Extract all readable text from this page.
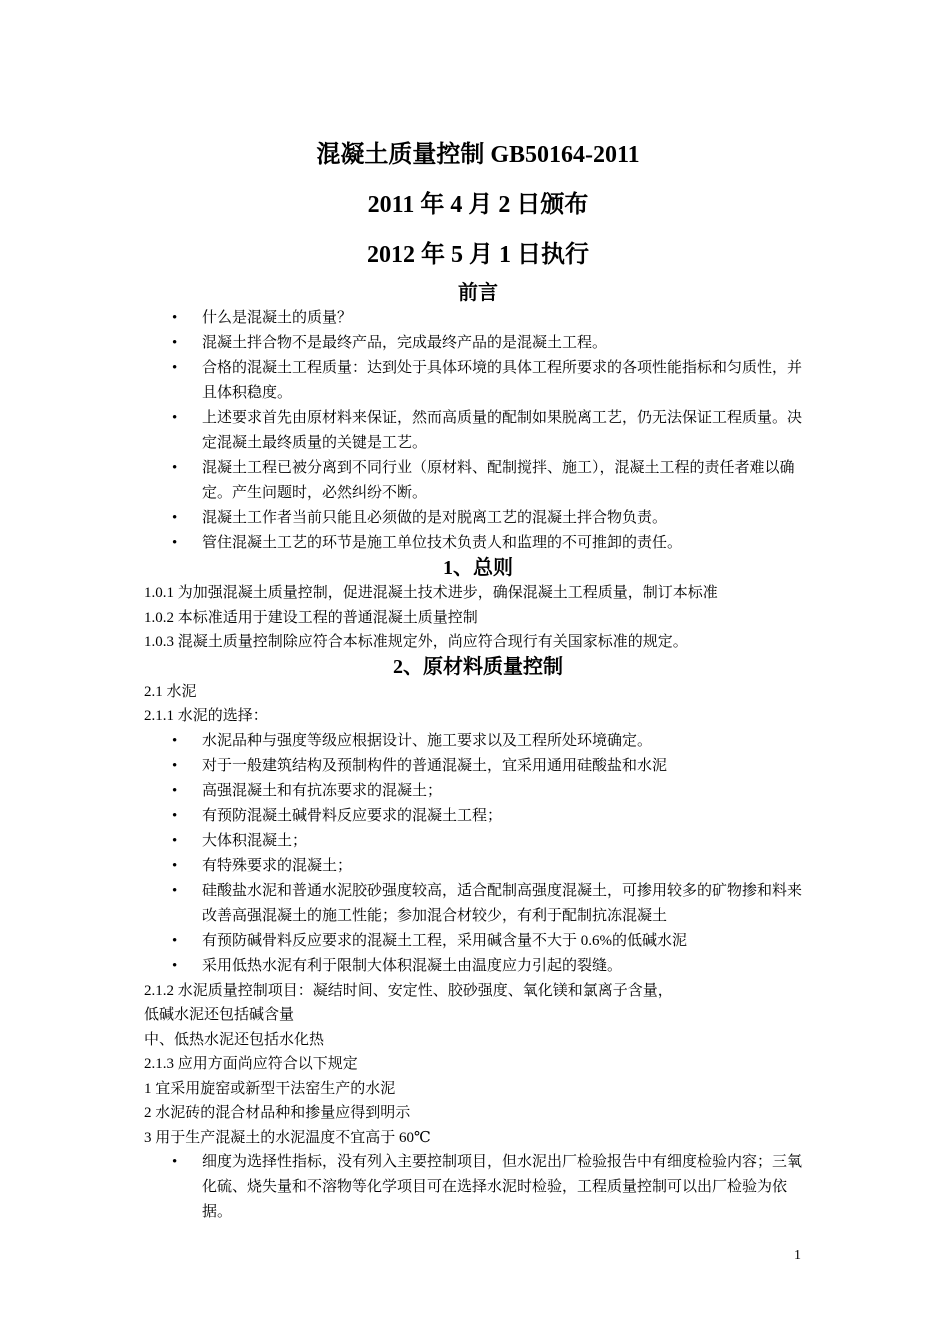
混凝土质量控制 GB50164-2011
2011 年 4 月 2 日颁布
2012 年 5 月 1 日执行
前言
• 什么是混凝土的质量？
• 混凝土拌合物不是最终产品，完成最终产品的是混凝土工程。
• 合格的混凝土工程质量：达到处于具体环境的具体工程所要求的各项性能指标和匀质性，并且体积稳度。
• 上述要求首先由原材料来保证，然而高质量的配制如果脱离工艺，仍无法保证工程质量。决定混凝土最终质量的关键是工艺。
• 混凝土工程已被分离到不同行业（原材料、配制搅拌、施工），混凝土工程的责任者难以确定。产生问题时，必然纠纷不断。
• 混凝土工作者当前只能且必须做的是对脱离工艺的混凝土拌合物负责。
• 管住混凝土工艺的环节是施工单位技术负责人和监理的不可推卸的责任。
1、总则
1.0.1 为加强混凝土质量控制，促进混凝土技术进步，确保混凝土工程质量，制订本标准
1.0.2 本标准适用于建设工程的普通混凝土质量控制
1.0.3 混凝土质量控制除应符合本标准规定外，尚应符合现行有关国家标准的规定。
2、原材料质量控制
2.1 水泥
2.1.1 水泥的选择：
• 水泥品种与强度等级应根据设计、施工要求以及工程所处环境确定。
• 对于一般建筑结构及预制构件的普通混凝土，宜采用通用硅酸盐和水泥
• 高强混凝土和有抗冻要求的混凝土；
• 有预防混凝土碱骨料反应要求的混凝土工程；
• 大体积混凝土；
• 有特殊要求的混凝土；
• 硅酸盐水泥和普通水泥胶砂强度较高，适合配制高强度混凝土，可掺用较多的矿物掺和料来改善高强混凝土的施工性能；参加混合材较少，有利于配制抗冻混凝土
• 有预防碱骨料反应要求的混凝土工程，采用碱含量不大于 0.6%的低碱水泥
• 采用低热水泥有利于限制大体积混凝土由温度应力引起的裂缝。
2.1.2 水泥质量控制项目：凝结时间、安定性、胶砂强度、氧化镁和氯离子含量，
低碱水泥还包括碱含量
中、低热水泥还包括水化热
2.1.3 应用方面尚应符合以下规定
1 宜采用旋窑或新型干法窑生产的水泥
2 水泥砖的混合材品种和掺量应得到明示
3 用于生产混凝土的水泥温度不宜高于 60℃
• 细度为选择性指标，没有列入主要控制项目，但水泥出厂检验报告中有细度检验内容；三氧化硫、烧失量和不溶物等化学项目可在选择水泥时检验，工程质量控制可以出厂检验为依据。
1
